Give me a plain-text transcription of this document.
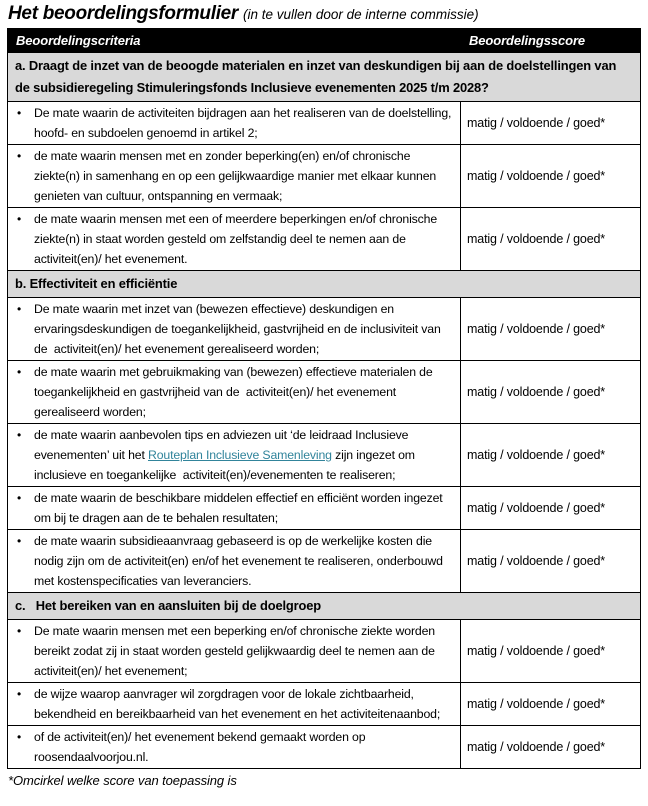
Het beoordelingsformulier (in te vullen door de interne commissie)
Beoordelingscriteria	Beoordelingsscore
a. Draagt de inzet van de beoogde materialen en inzet van deskundigen bij aan de doelstellingen van de subsidieregeling Stimuleringsfonds Inclusieve evenementen 2025 t/m 2028?	

• De mate waarin de activiteiten bijdragen aan het realiseren van de doelstelling, hoofd- en subdoelen genoemd in artikel 2;	matig / voldoende / goed*

• de mate waarin mensen met en zonder beperking(en) en/of chronische ziekte(n) in samenhang en op een gelijkwaardige manier met elkaar kunnen genieten van cultuur, ontspanning en vermaak;	matig / voldoende / goed*

• de mate waarin mensen met een of meerdere beperkingen en/of chronische ziekte(n) in staat worden gesteld om zelfstandig deel te nemen aan de  activiteit(en)/ het evenement.	matig / voldoende / goed*
b. Effectiviteit en efficiëntie	

• De mate waarin met inzet van (bewezen effectieve) deskundigen en ervaringsdeskundigen de toegankelijkheid, gastvrijheid en de inclusiviteit van de  activiteit(en)/ het evenement gerealiseerd worden;	matig / voldoende / goed*

• de mate waarin met gebruikmaking van (bewezen) effectieve materialen de toegankelijkheid en gastvrijheid van de  activiteit(en)/ het evenement gerealiseerd worden;	matig / voldoende / goed*

• de mate waarin aanbevolen tips en adviezen uit ‘de leidraad Inclusieve evenementen’ uit het Routeplan Inclusieve Samenleving zijn ingezet om inclusieve en toegankelijke  activiteit(en)/evenementen te realiseren;	matig / voldoende / goed*

• de mate waarin de beschikbare middelen effectief en efficiënt worden ingezet om bij te dragen aan de te behalen resultaten;	matig / voldoende / goed*

• de mate waarin subsidieaanvraag gebaseerd is op de werkelijke kosten die nodig zijn om de activiteit(en) en/of het evenement te realiseren, onderbouwd met kostenspecificaties van leveranciers.	matig / voldoende / goed*
c.   Het bereiken van en aansluiten bij de doelgroep	

• De mate waarin mensen met een beperking en/of chronische ziekte worden bereikt zodat zij in staat worden gesteld gelijkwaardig deel te nemen aan de activiteit(en)/ het evenement;	matig / voldoende / goed*

• de wijze waarop aanvrager wil zorgdragen voor de lokale zichtbaarheid, bekendheid en bereikbaarheid van het evenement en het activiteitenaanbod;	matig / voldoende / goed*

• of de activiteit(en)/ het evenement bekend gemaakt worden op roosendaalvoorjou.nl.	matig / voldoende / goed*
*Omcirkel welke score van toepassing is
